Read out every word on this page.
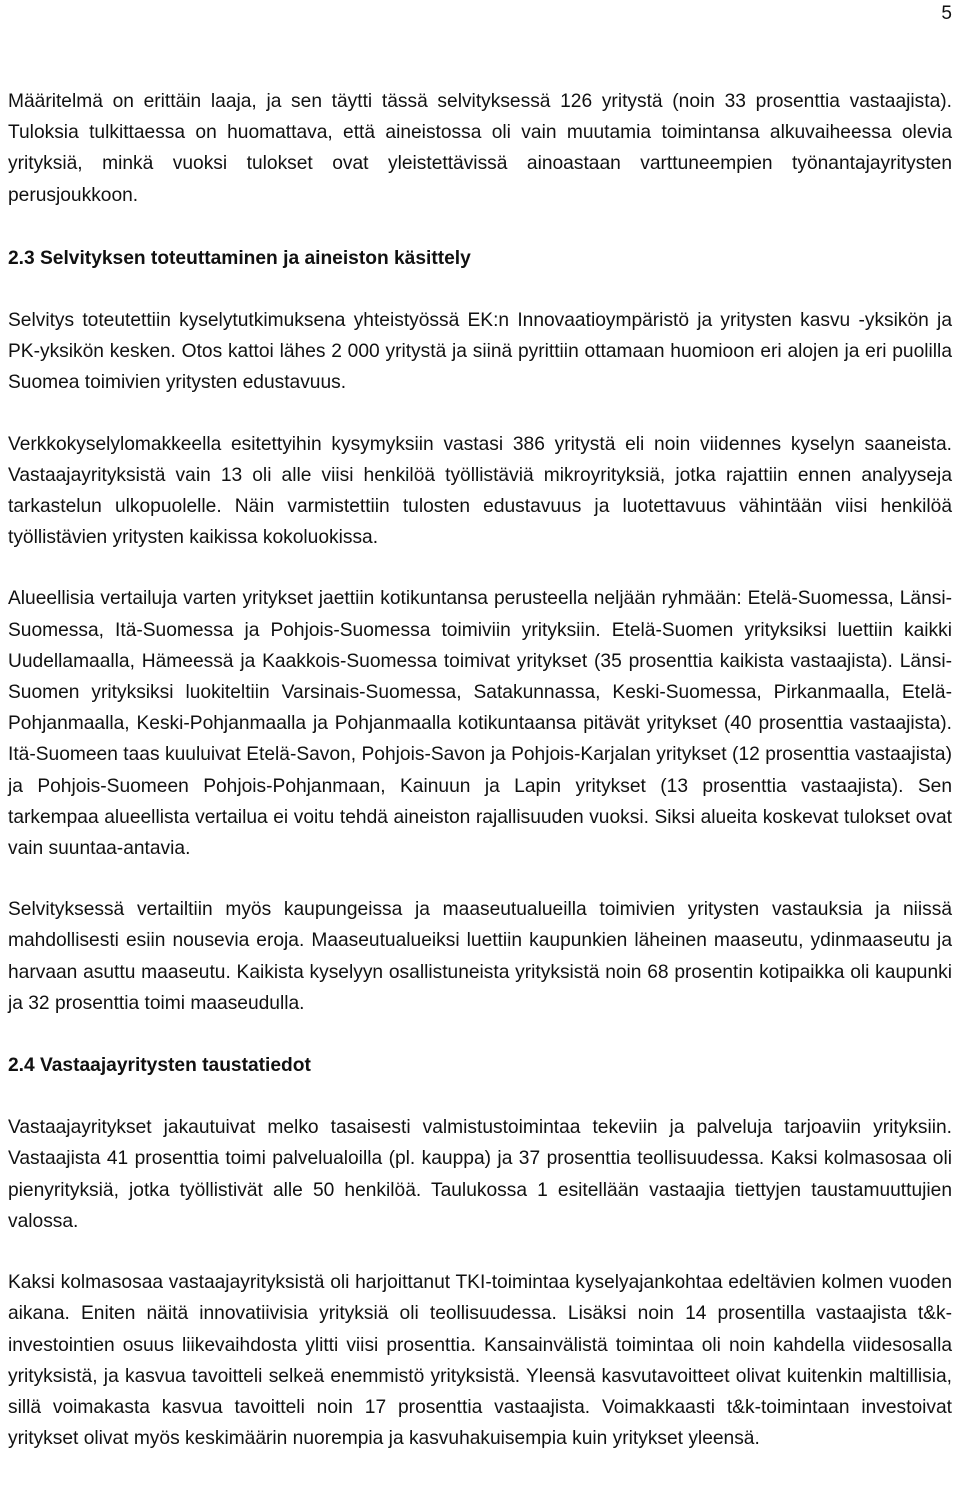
5

Määritelmä on erittäin laaja, ja sen täytti tässä selvityksessä 126 yritystä (noin 33 prosenttia vastaajista). Tuloksia tulkittaessa on huomattava, että aineistossa oli vain muutamia toimintansa alkuvaiheessa olevia yrityksiä, minkä vuoksi tulokset ovat yleistettävissä ainoastaan varttuneempien työnantajayritysten perusjoukkoon.

2.3 Selvityksen toteuttaminen ja aineiston käsittely

Selvitys toteutettiin kyselytutkimuksena yhteistyössä EK:n Innovaatioympäristö ja yritysten kasvu -yksikön ja PK-yksikön kesken. Otos kattoi lähes 2 000 yritystä ja siinä pyrittiin ottamaan huomioon eri alojen ja eri puolilla Suomea toimivien yritysten edustavuus.

Verkkokyselylomakkeella esitettyihin kysymyksiin vastasi 386 yritystä eli noin viidennes kyselyn saaneista. Vastaajayrityksistä vain 13 oli alle viisi henkilöä työllistäviä mikroyrityksiä, jotka rajattiin ennen analyyseja tarkastelun ulkopuolelle. Näin varmistettiin tulosten edustavuus ja luotettavuus vähintään viisi henkilöä työllistävien yritysten kaikissa kokoluokissa.

Alueellisia vertailuja varten yritykset jaettiin kotikuntansa perusteella neljään ryhmään: Etelä-Suomessa, Länsi-Suomessa, Itä-Suomessa ja Pohjois-Suomessa toimiviin yrityksiin. Etelä-Suomen yrityksiksi luettiin kaikki Uudellamaalla, Hämeessä ja Kaakkois-Suomessa toimivat yritykset (35 prosenttia kaikista vastaajista). Länsi-Suomen yrityksiksi luokiteltiin Varsinais-Suomessa, Satakunnassa, Keski-Suomessa, Pirkanmaalla, Etelä-Pohjanmaalla, Keski-Pohjanmaalla ja Pohjanmaalla kotikuntaansa pitävät yritykset (40 prosenttia vastaajista). Itä-Suomeen taas kuuluivat Etelä-Savon, Pohjois-Savon ja Pohjois-Karjalan yritykset (12 prosenttia vastaajista) ja Pohjois-Suomeen Pohjois-Pohjanmaan, Kainuun ja Lapin yritykset (13 prosenttia vastaajista). Sen tarkempaa alueellista vertailua ei voitu tehdä aineiston rajallisuuden vuoksi. Siksi alueita koskevat tulokset ovat vain suuntaa-antavia.

Selvityksessä vertailtiin myös kaupungeissa ja maaseutualueilla toimivien yritysten vastauksia ja niissä mahdollisesti esiin nousevia eroja. Maaseutualueiksi luettiin kaupunkien läheinen maaseutu, ydinmaaseutu ja harvaan asuttu maaseutu. Kaikista kyselyyn osallistuneista yrityksistä noin 68 prosentin kotipaikka oli kaupunki ja 32 prosenttia toimi maaseudulla.

2.4 Vastaajayritysten taustatiedot

Vastaajayritykset jakautuivat melko tasaisesti valmistustoimintaa tekeviin ja palveluja tarjoaviin yrityksiin. Vastaajista 41 prosenttia toimi palvelualoilla (pl. kauppa) ja 37 prosenttia teollisuudessa. Kaksi kolmasosaa oli pienyrityksiä, jotka työllistivät alle 50 henkilöä. Taulukossa 1 esitellään vastaajia tiettyjen taustamuuttujien valossa.

Kaksi kolmasosaa vastaajayrityksistä oli harjoittanut TKI-toimintaa kyselyajankohtaa edeltävien kolmen vuoden aikana. Eniten näitä innovatiivisia yrityksiä oli teollisuudessa. Lisäksi noin 14 prosentilla vastaajista t&k-investointien osuus liikevaihdosta ylitti viisi prosenttia. Kansainvälistä toimintaa oli noin kahdella viidesosalla yrityksistä, ja kasvua tavoitteli selkeä enemmistö yrityksistä. Yleensä kasvutavoitteet olivat kuitenkin maltillisia, sillä voimakasta kasvua tavoitteli noin 17 prosenttia vastaajista. Voimakkaasti t&k-toimintaan investoivat yritykset olivat myös keskimäärin nuorempia ja kasvuhakuisempia kuin yritykset yleensä.
